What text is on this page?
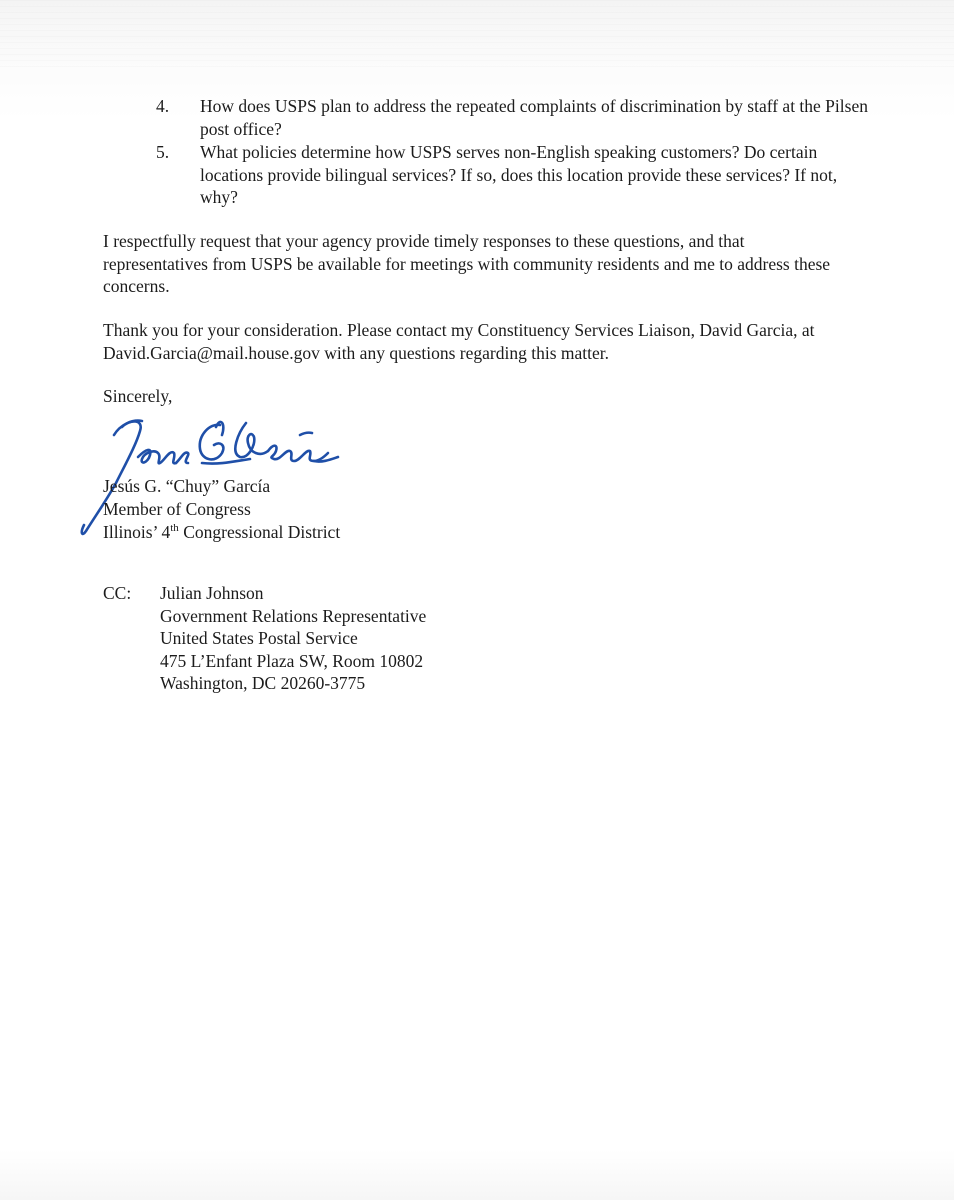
4. How does USPS plan to address the repeated complaints of discrimination by staff at the Pilsen post office?
5. What policies determine how USPS serves non-English speaking customers? Do certain locations provide bilingual services? If so, does this location provide these services? If not, why?
I respectfully request that your agency provide timely responses to these questions, and that representatives from USPS be available for meetings with community residents and me to address these concerns.
Thank you for your consideration. Please contact my Constituency Services Liaison, David Garcia, at David.Garcia@mail.house.gov with any questions regarding this matter.
Sincerely,
Jesús G. “Chuy” García
Member of Congress
Illinois’ 4th Congressional District
CC: Julian Johnson
Government Relations Representative
United States Postal Service
475 L’Enfant Plaza SW, Room 10802
Washington, DC 20260-3775
